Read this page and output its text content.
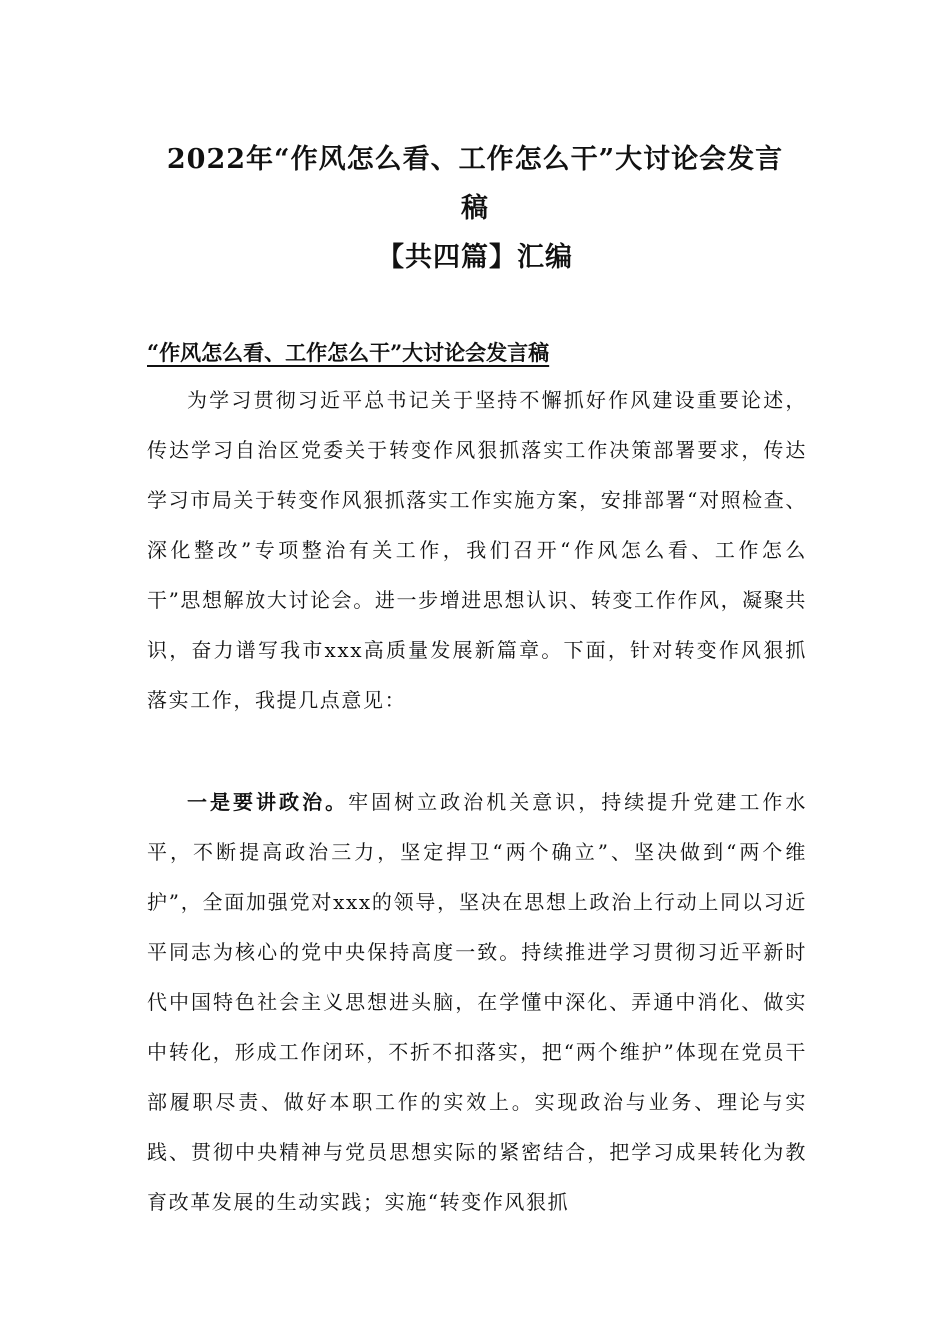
2022年“作风怎么看、工作怎么干”大讨论会发言
稿
【共四篇】汇编
“作风怎么看、工作怎么干”大讨论会发言稿
为学习贯彻习近平总书记关于坚持不懈抓好作风建设重要论述，传达学习自治区党委关于转变作风狠抓落实工作决策部署要求，传达学习市局关于转变作风狠抓落实工作实施方案，安排部署“对照检查、深化整改”专项整治有关工作，我们召开“作风怎么看、工作怎么干”思想解放大讨论会。进一步增进思想认识、转变工作作风，凝聚共识，奋力谱写我市xxx高质量发展新篇章。下面，针对转变作风狠抓落实工作，我提几点意见：
一是要讲政治。牢固树立政治机关意识，持续提升党建工作水平，不断提高政治三力，坚定捍卫“两个确立”、坚决做到“两个维护”，全面加强党对xxx的领导，坚决在思想上政治上行动上同以习近平同志为核心的党中央保持高度一致。持续推进学习贯彻习近平新时代中国特色社会主义思想进头脑，在学懂中深化、弄通中消化、做实中转化，形成工作闭环，不折不扣落实，把“两个维护”体现在党员干部履职尽责、做好本职工作的实效上。实现政治与业务、理论与实践、贯彻中央精神与党员思想实际的紧密结合，把学习成果转化为教育改革发展的生动实践；实施“转变作风狠抓
